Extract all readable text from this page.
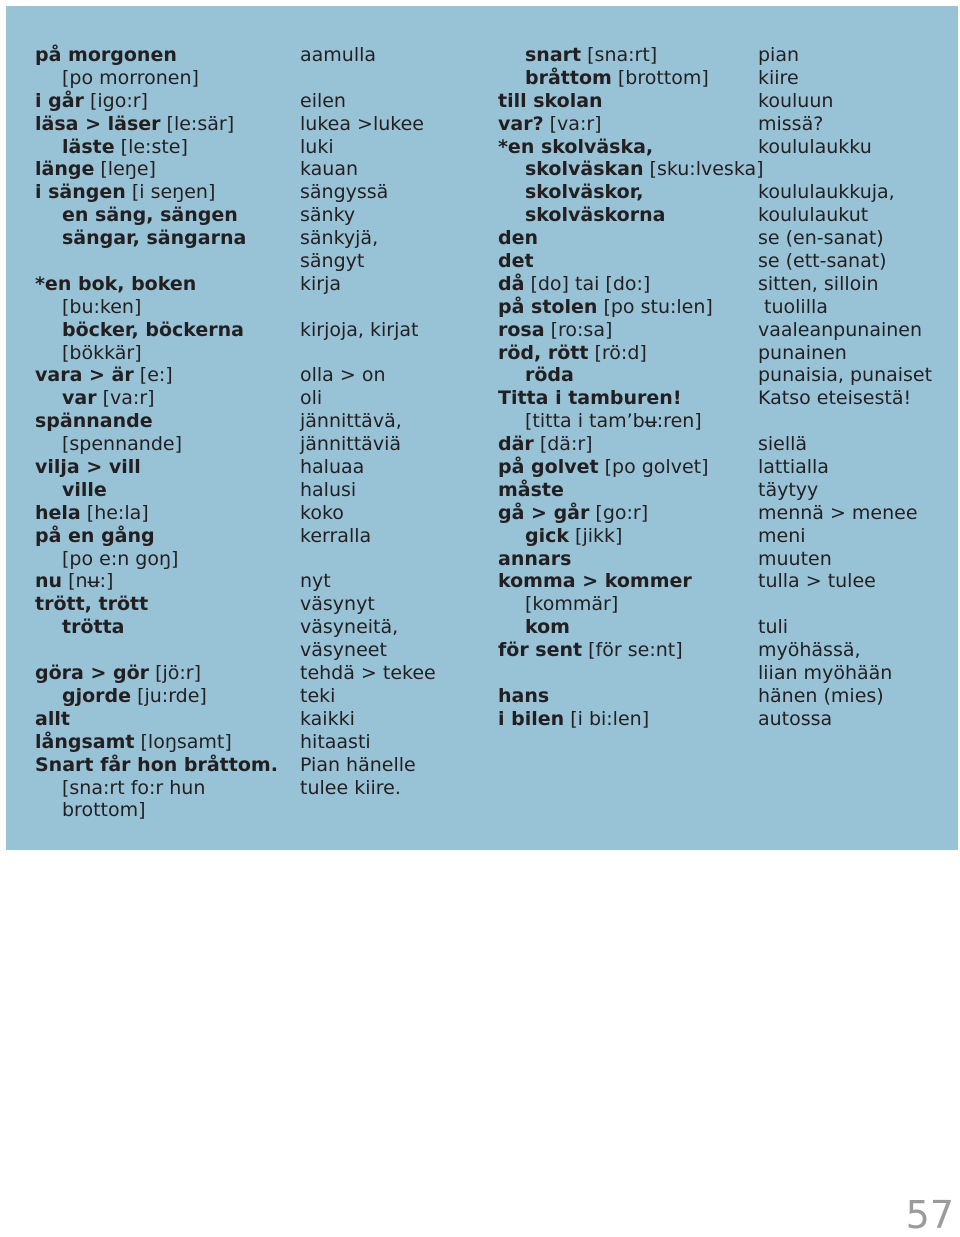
på morgonen
[po morronen]
i går [igo:r]
läsa > läser [le:sär]
läste [le:ste]
länge [leŋe]
i sängen [i seŋen]
en säng, sängen
sängar, sängarna
*en bok, boken
[bu:ken]
böcker, böckerna
[bökkär]
vara > är [e:]
var [va:r]
spännande
[spennande]
vilja > vill
ville
hela [he:la]
på en gång
[po e:n goŋ]
nu [nʉ:]
trött, trött
trötta
göra > gör [jö:r]
gjorde [ju:rde]
allt
långsamt [loŋsamt]
Snart får hon bråttom.
[sna:rt fo:r hun
brottom]
aamulla
eilen
lukea >lukee
luki
kauan
sängyssä
sänky
sänkyjä,
sängyt
kirja
kirjoja, kirjat
olla > on
oli
jännittävä,
jännittäviä
haluaa
halusi
koko
kerralla
nyt
väsynyt
väsyneitä,
väsyneet
tehdä > tekee
teki
kaikki
hitaasti
Pian hänelle
tulee kiire.
snart [sna:rt]
bråttom [brottom]
till skolan
var? [va:r]
*en skolväska,
skolväskan [sku:lveska]
skolväskor,
skolväskorna
den
det
då [do] tai [do:]
på stolen [po stu:len]
rosa [ro:sa]
röd, rött [rö:d]
röda
Titta i tamburen!
[titta i tam’bʉ:ren]
där [dä:r]
på golvet [po golvet]
måste
gå > går [go:r]
gick [jikk]
annars
komma > kommer
[kommär]
kom
för sent [för se:nt]
hans
i bilen [i bi:len]
pian
kiire
kouluun
missä?
koululaukku
koululaukkuja,
koululaukut
se (en-sanat)
se (ett-sanat)
sitten, silloin
tuolilla
vaaleanpunainen
punainen
punaisia, punaiset
Katso eteisestä!
siellä
lattialla
täytyy
mennä > menee
meni
muuten
tulla > tulee
tuli
myöhässä,
liian myöhään
hänen (mies)
autossa
57
